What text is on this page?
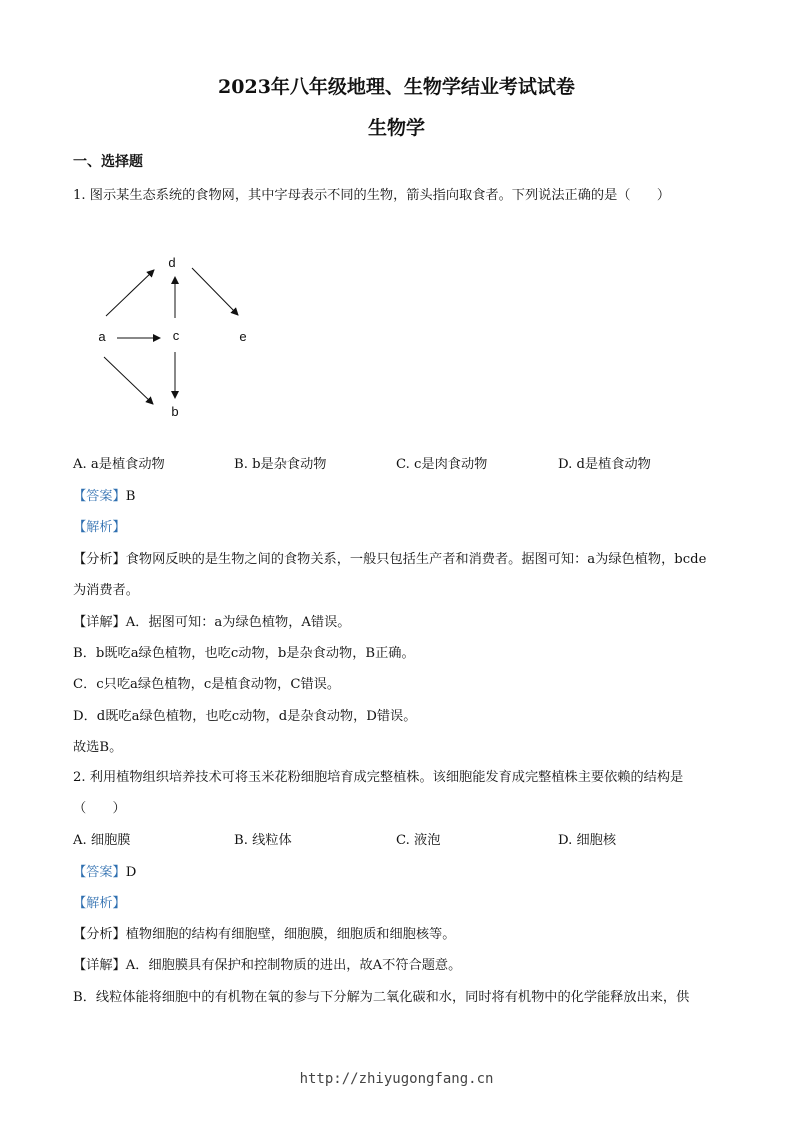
2023年八年级地理、生物学结业考试试卷
生物学
一、选择题
1. 图示某生态系统的食物网，其中字母表示不同的生物，箭头指向取食者。下列说法正确的是（　　）
d
a	c	e
b
A. a是植食动物	B. b是杂食动物	C. c是肉食动物	D. d是植食动物
【答案】B
【解析】
【分析】食物网反映的是生物之间的食物关系，一般只包括生产者和消费者。据图可知：a为绿色植物，bcde
为消费者。
【详解】A．据图可知：a为绿色植物，A错误。
B．b既吃a绿色植物，也吃c动物，b是杂食动物，B正确。
C．c只吃a绿色植物，c是植食动物，C错误。
D．d既吃a绿色植物，也吃c动物，d是杂食动物，D错误。
故选B。
2. 利用植物组织培养技术可将玉米花粉细胞培育成完整植株。该细胞能发育成完整植株主要依赖的结构是
（　　）
A. 细胞膜	B. 线粒体	C. 液泡	D. 细胞核
【答案】D
【解析】
【分析】植物细胞的结构有细胞壁，细胞膜，细胞质和细胞核等。
【详解】A．细胞膜具有保护和控制物质的进出，故A不符合题意。
B．线粒体能将细胞中的有机物在氧的参与下分解为二氧化碳和水，同时将有机物中的化学能释放出来，供
http://zhiyugongfang.cn
